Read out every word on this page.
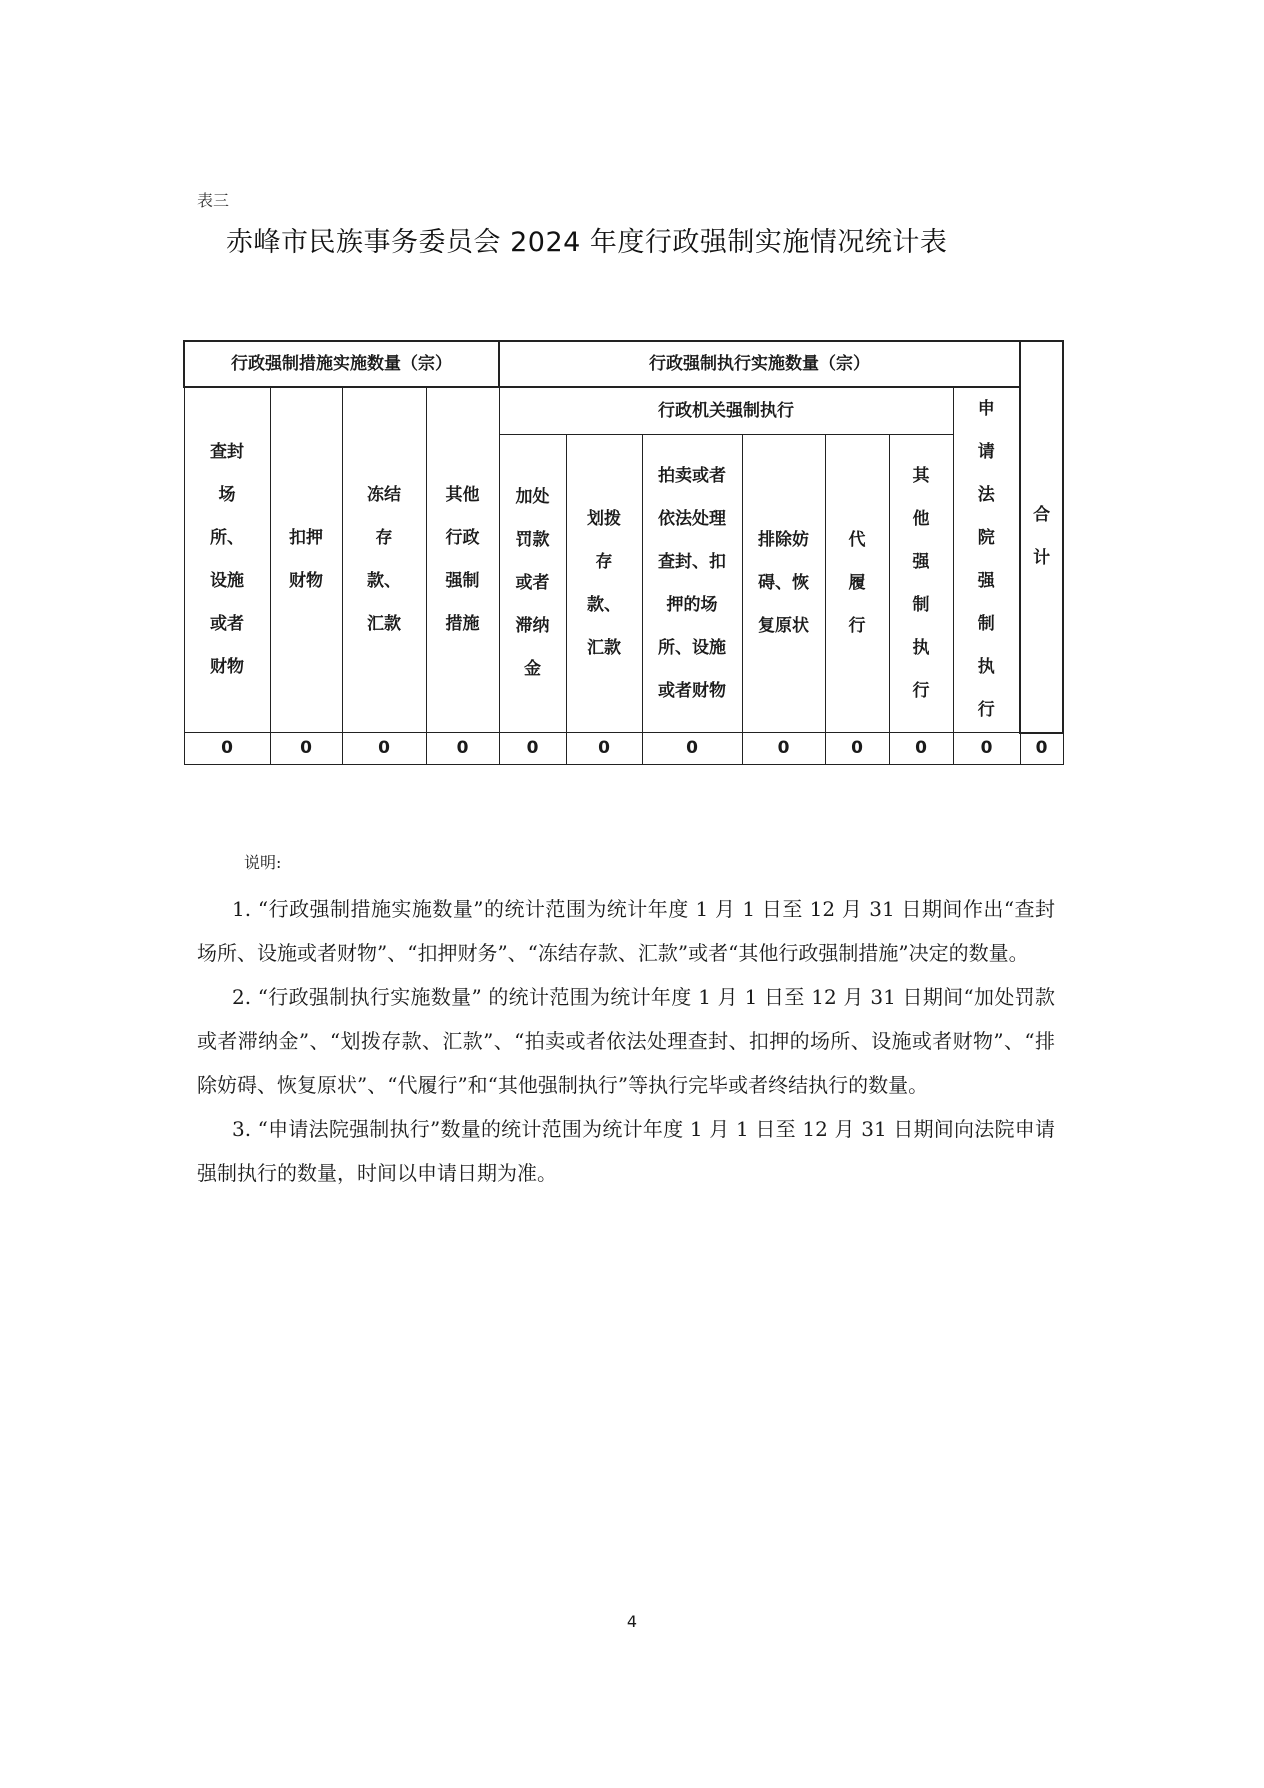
表三
赤峰市民族事务委员会 2024 年度行政强制实施情况统计表
行政强制措施实施数量（宗）				行政强制执行实施数量（宗）							合计
查封场所、设施或者财物	扣押财物	冻结存款、汇款	其他行政强制措施	行政机关强制执行						申请法院强制执行	
				加处罚款或者滞纳金	划拨存款、汇款	拍卖或者依法处理查封、扣押的场所、设施或者财物	排除妨碍、恢复原状	代履行	其他强制执行		
0	0	0	0	0	0	0	0	0	0	0	0
说明:

1. “行政强制措施实施数量”的统计范围为统计年度 1 月 1 日至 12 月 31 日期间作出“查封场所、设施或者财物”、“扣押财务”、“冻结存款、汇款”或者“其他行政强制措施”决定的数量。

2. “行政强制执行实施数量” 的统计范围为统计年度 1 月 1 日至 12 月 31 日期间“加处罚款或者滞纳金”、“划拨存款、汇款”、“拍卖或者依法处理查封、扣押的场所、设施或者财物”、“排除妨碍、恢复原状”、“代履行”和“其他强制执行”等执行完毕或者终结执行的数量。

3. “申请法院强制执行”数量的统计范围为统计年度 1 月 1 日至 12 月 31 日期间向法院申请强制执行的数量，时间以申请日期为准。

4
